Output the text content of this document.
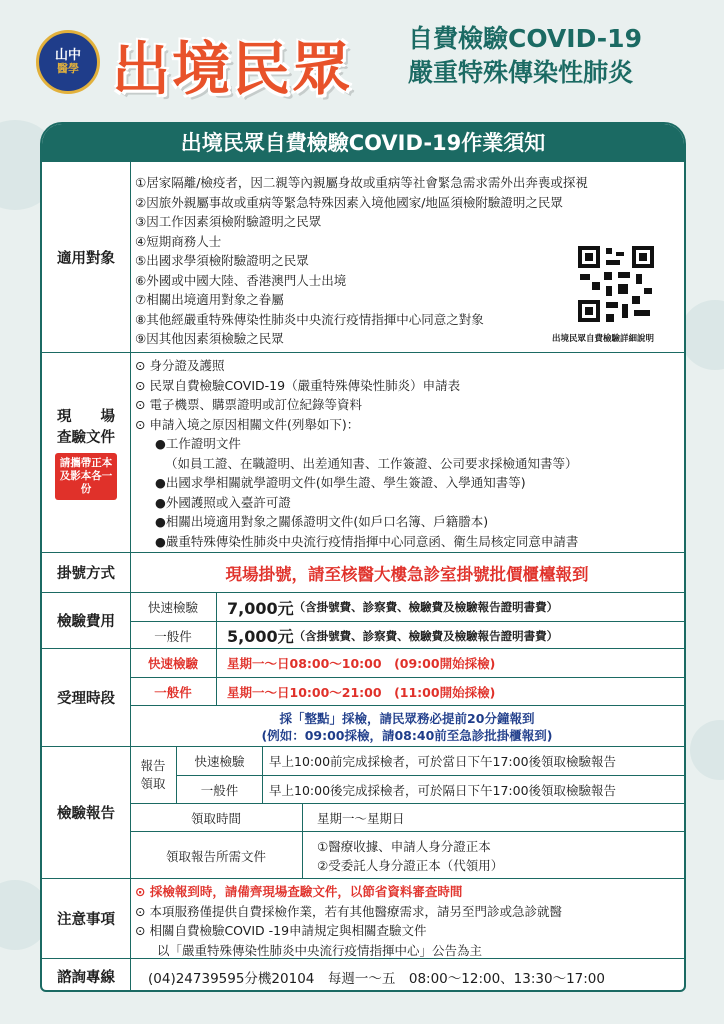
山中
醫學 出境民眾 自費檢驗COVID-19
嚴重特殊傳染性肺炎
出境民眾自費檢驗COVID-19作業須知
適用對象
①居家隔離/檢疫者，因二親等內親屬身故或重病等社會緊急需求需外出奔喪或探視
②因旅外親屬事故或重病等緊急特殊因素入境他國家/地區須檢附驗證明之民眾
③因工作因素須檢附驗證明之民眾
④短期商務人士
⑤出國求學須檢附驗證明之民眾
⑥外國或中國大陸、香港澳門人士出境
⑦相關出境適用對象之眷屬
⑧其他經嚴重特殊傳染性肺炎中央流行疫情指揮中心同意之對象
⑨因其他因素須檢驗之民眾	出境民眾自費檢驗詳細說明
現　　場
查驗文件
請攜帶正本及影本各一份
⊙ 身分證及護照
⊙ 民眾自費檢驗COVID-19（嚴重特殊傳染性肺炎）申請表
⊙ 電子機票、購票證明或訂位紀錄等資料
⊙ 申請入境之原因相關文件(列舉如下)：
●工作證明文件
（如員工證、在職證明、出差通知書、工作簽證、公司要求採檢通知書等）
●出國求學相關就學證明文件(如學生證、學生簽證、入學通知書等)
●外國護照或入臺許可證
●相關出境適用對象之關係證明文件(如戶口名簿、戶籍謄本)
●嚴重特殊傳染性肺炎中央流行疫情指揮中心同意函、衛生局核定同意申請書
掛號方式	現場掛號，請至核醫大樓急診室掛號批價櫃檯報到
檢驗費用
快速檢驗	7,000元 （含掛號費、診察費、檢驗費及檢驗報告證明書費）
一般件	5,000元 （含掛號費、診察費、檢驗費及檢驗報告證明書費）
受理時段
快速檢驗	星期一～日08:00～10:00　(09:00開始採檢)
一般件	星期一～日10:00～21:00　(11:00開始採檢)
採「整點」採檢，請民眾務必提前20分鐘報到
(例如：09:00採檢，請08:40前至急診批掛櫃報到)
檢驗報告
報告
領取
快速檢驗	早上10:00前完成採檢者，可於當日下午17:00後領取檢驗報告
一般件	早上10:00後完成採檢者，可於隔日下午17:00後領取檢驗報告
領取時間	星期一～星期日
領取報告所需文件
①醫療收據、申請人身分證正本
②受委託人身分證正本（代領用）
注意事項
⊙ 採檢報到時，請備齊現場查驗文件，以節省資料審查時間
⊙ 本項服務僅提供自費採檢作業，若有其他醫療需求，請另至門診或急診就醫
⊙ 相關自費檢驗COVID -19申請規定與相關查驗文件
以「嚴重特殊傳染性肺炎中央流行疫情指揮中心」公告為主
諮詢專線	(04)24739595分機20104　每週一～五　08:00～12:00、13:30～17:00
